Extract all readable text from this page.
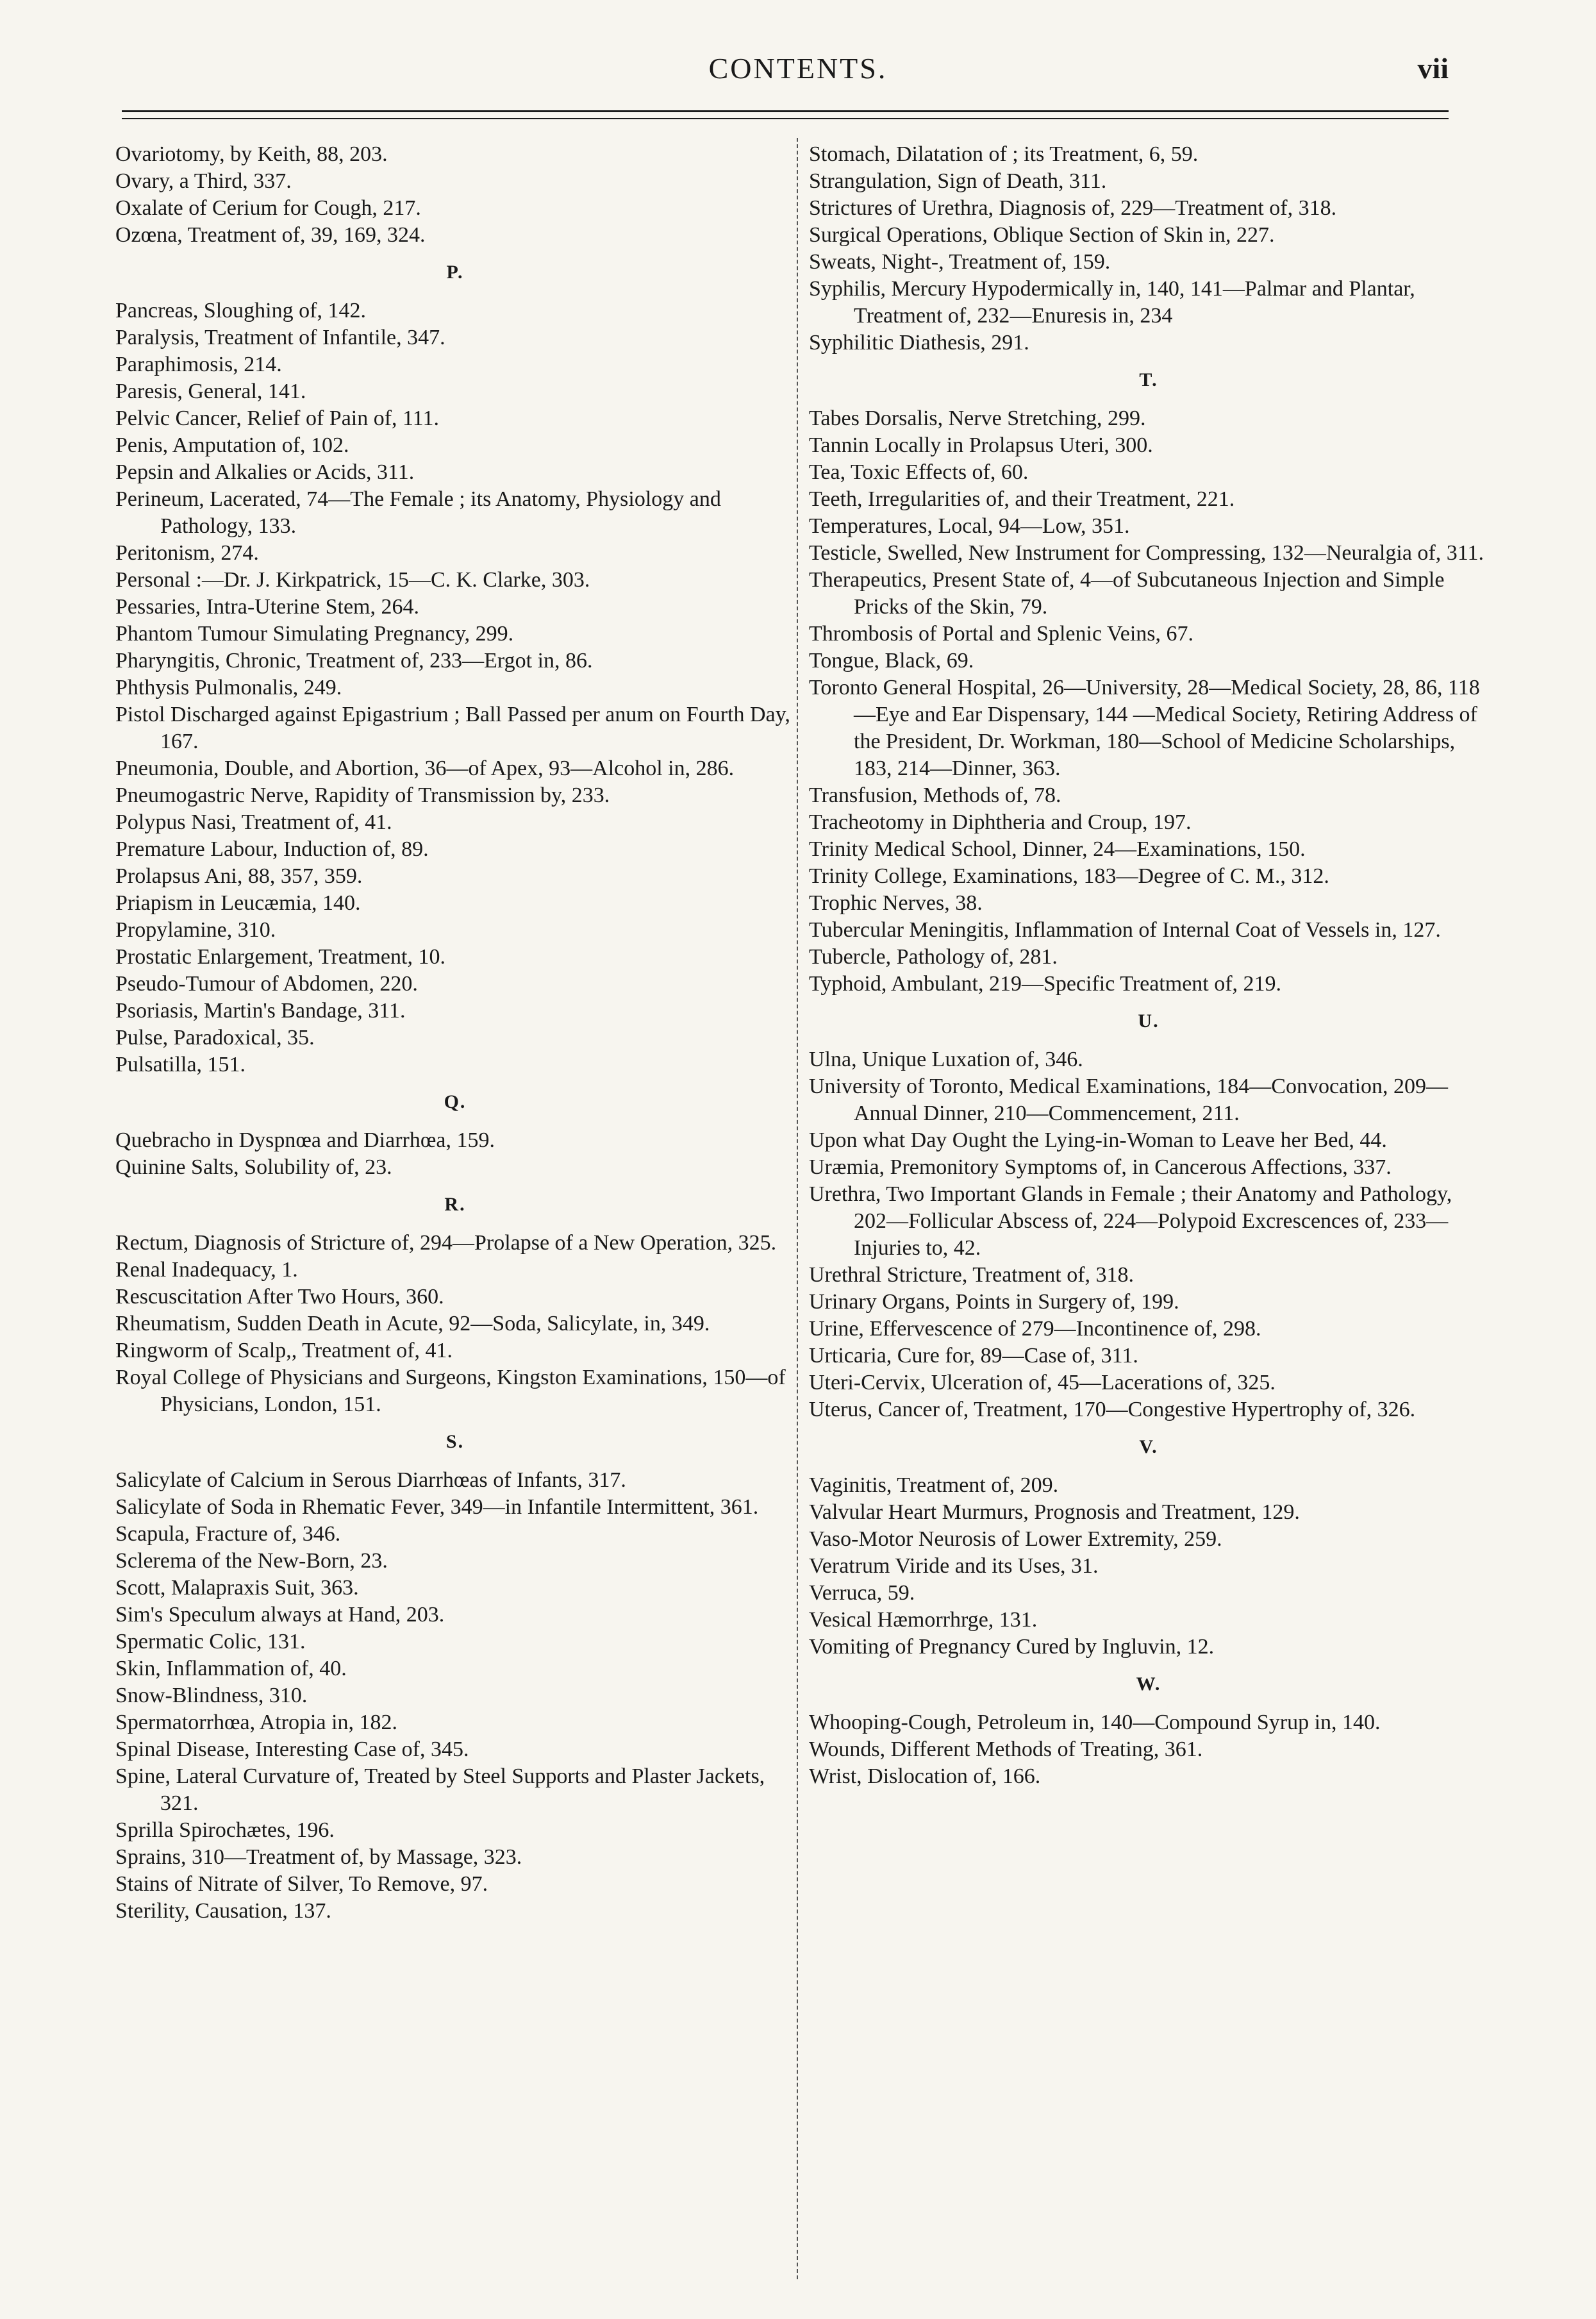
CONTENTS.	vii
Ovariotomy, by Keith, 88, 203.
Ovary, a Third, 337.
Oxalate of Cerium for Cough, 217.
Ozœna, Treatment of, 39, 169, 324.
P.
Pancreas, Sloughing of, 142.
Paralysis, Treatment of Infantile, 347.
Paraphimosis, 214.
Paresis, General, 141.
Pelvic Cancer, Relief of Pain of, 111.
Penis, Amputation of, 102.
Pepsin and Alkalies or Acids, 311.
Perineum, Lacerated, 74—The Female ; its Anatomy, Physiology and Pathology, 133.
Peritonism, 274.
Personal :—Dr. J. Kirkpatrick, 15—C. K. Clarke, 303.
Pessaries, Intra-Uterine Stem, 264.
Phantom Tumour Simulating Pregnancy, 299.
Pharyngitis, Chronic, Treatment of, 233—Ergot in, 86.
Phthysis Pulmonalis, 249.
Pistol Discharged against Epigastrium ; Ball Passed per anum on Fourth Day, 167.
Pneumonia, Double, and Abortion, 36—of Apex, 93—Alcohol in, 286.
Pneumogastric Nerve, Rapidity of Transmission by, 233.
Polypus Nasi, Treatment of, 41.
Premature Labour, Induction of, 89.
Prolapsus Ani, 88, 357, 359.
Priapism in Leucæmia, 140.
Propylamine, 310.
Prostatic Enlargement, Treatment, 10.
Pseudo-Tumour of Abdomen, 220.
Psoriasis, Martin's Bandage, 311.
Pulse, Paradoxical, 35.
Pulsatilla, 151.
Q.
Quebracho in Dyspnœa and Diarrhœa, 159.
Quinine Salts, Solubility of, 23.
R.
Rectum, Diagnosis of Stricture of, 294—Prolapse of a New Operation, 325.
Renal Inadequacy, 1.
Rescuscitation After Two Hours, 360.
Rheumatism, Sudden Death in Acute, 92—Soda, Salicylate, in, 349.
Ringworm of Scalp,, Treatment of, 41.
Royal College of Physicians and Surgeons, Kingston Examinations, 150—of Physicians, London, 151.
S.
Salicylate of Calcium in Serous Diarrhœas of Infants, 317.
Salicylate of Soda in Rhematic Fever, 349—in Infantile Intermittent, 361.
Scapula, Fracture of, 346.
Sclerema of the New-Born, 23.
Scott, Malapraxis Suit, 363.
Sim's Speculum always at Hand, 203.
Spermatic Colic, 131.
Skin, Inflammation of, 40.
Snow-Blindness, 310.
Spermatorrhœa, Atropia in, 182.
Spinal Disease, Interesting Case of, 345.
Spine, Lateral Curvature of, Treated by Steel Supports and Plaster Jackets, 321.
Sprilla Spirochætes, 196.
Sprains, 310—Treatment of, by Massage, 323.
Stains of Nitrate of Silver, To Remove, 97.
Sterility, Causation, 137.
Stomach, Dilatation of ; its Treatment, 6, 59.
Strangulation, Sign of Death, 311.
Strictures of Urethra, Diagnosis of, 229—Treatment of, 318.
Surgical Operations, Oblique Section of Skin in, 227.
Sweats, Night-, Treatment of, 159.
Syphilis, Mercury Hypodermically in, 140, 141—Palmar and Plantar, Treatment of, 232—Enuresis in, 234
Syphilitic Diathesis, 291.
T.
Tabes Dorsalis, Nerve Stretching, 299.
Tannin Locally in Prolapsus Uteri, 300.
Tea, Toxic Effects of, 60.
Teeth, Irregularities of, and their Treatment, 221.
Temperatures, Local, 94—Low, 351.
Testicle, Swelled, New Instrument for Compressing, 132—Neuralgia of, 311.
Therapeutics, Present State of, 4—of Subcutaneous Injection and Simple Pricks of the Skin, 79.
Thrombosis of Portal and Splenic Veins, 67.
Tongue, Black, 69.
Toronto General Hospital, 26—University, 28—Medical Society, 28, 86, 118—Eye and Ear Dispensary, 144 —Medical Society, Retiring Address of the President, Dr. Workman, 180—School of Medicine Scholarships, 183, 214—Dinner, 363.
Transfusion, Methods of, 78.
Tracheotomy in Diphtheria and Croup, 197.
Trinity Medical School, Dinner, 24—Examinations, 150.
Trinity College, Examinations, 183—Degree of C. M., 312.
Trophic Nerves, 38.
Tubercular Meningitis, Inflammation of Internal Coat of Vessels in, 127.
Tubercle, Pathology of, 281.
Typhoid, Ambulant, 219—Specific Treatment of, 219.
U.
Ulna, Unique Luxation of, 346.
University of Toronto, Medical Examinations, 184—Convocation, 209—Annual Dinner, 210—Commencement, 211.
Upon what Day Ought the Lying-in-Woman to Leave her Bed, 44.
Uræmia, Premonitory Symptoms of, in Cancerous Affections, 337.
Urethra, Two Important Glands in Female ; their Anatomy and Pathology, 202—Follicular Abscess of, 224—Polypoid Excrescences of, 233—Injuries to, 42.
Urethral Stricture, Treatment of, 318.
Urinary Organs, Points in Surgery of, 199.
Urine, Effervescence of 279—Incontinence of, 298.
Urticaria, Cure for, 89—Case of, 311.
Uteri-Cervix, Ulceration of, 45—Lacerations of, 325.
Uterus, Cancer of, Treatment, 170—Congestive Hypertrophy of, 326.
V.
Vaginitis, Treatment of, 209.
Valvular Heart Murmurs, Prognosis and Treatment, 129.
Vaso-Motor Neurosis of Lower Extremity, 259.
Veratrum Viride and its Uses, 31.
Verruca, 59.
Vesical Hæmorrhrge, 131.
Vomiting of Pregnancy Cured by Ingluvin, 12.
W.
Whooping-Cough, Petroleum in, 140—Compound Syrup in, 140.
Wounds, Different Methods of Treating, 361.
Wrist, Dislocation of, 166.
